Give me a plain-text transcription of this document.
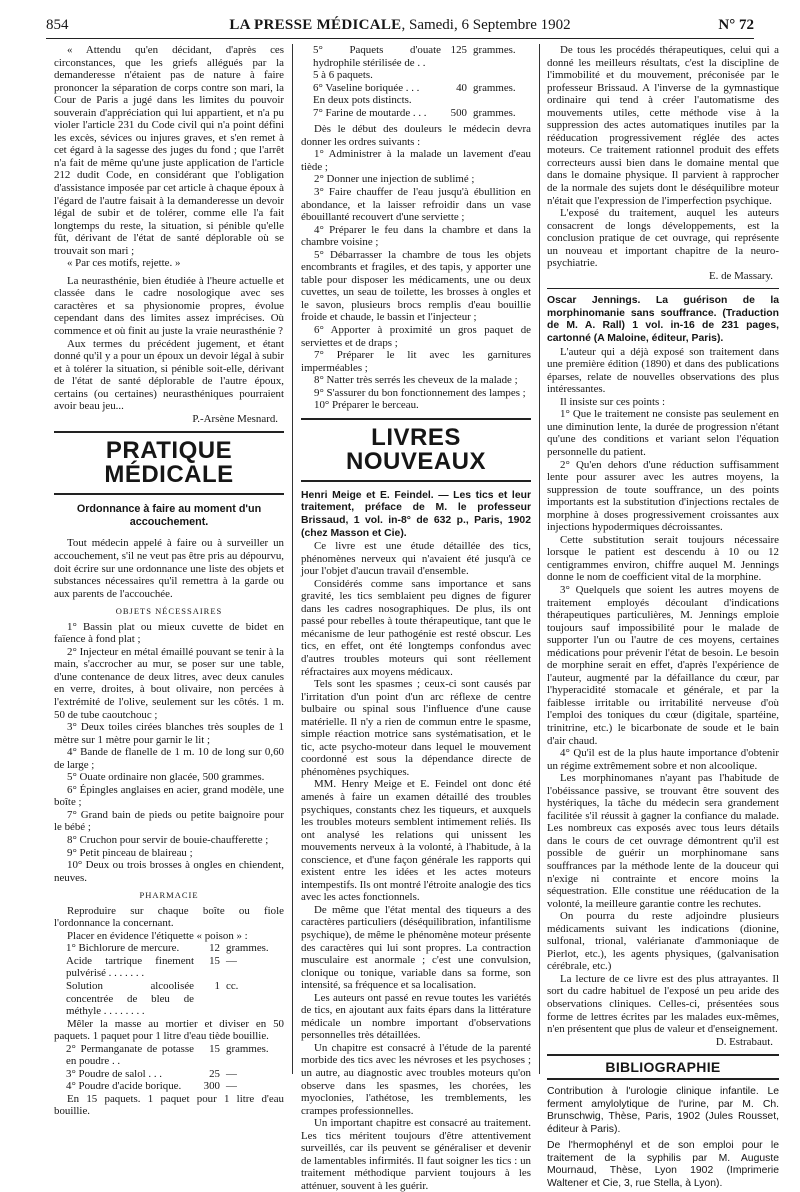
854	LA PRESSE MÉDICALE, Samedi, 6 Septembre 1902	N° 72

« Attendu qu'en décidant, d'après ces circonstances, que les griefs allégués par la demanderesse n'étaient pas de nature à faire prononcer la séparation de corps contre son mari, la Cour de Paris a jugé dans les limites du pouvoir souverain d'appréciation qui lui appartient, et n'a pu violer l'article 231 du Code civil qui n'a point défini les excès, sévices ou injures graves, et s'en remet à cet égard à la sagesse des juges du fond ; que l'arrêt n'a fait de même qu'une juste application de l'article 212 dudit Code, en considérant que l'obligation d'assistance imposée par cet article à chaque époux à l'égard de l'autre faisait à la demanderesse un devoir légal de subir et de tolérer, comme elle l'a fait longtemps du reste, la situation, si pénible qu'elle fût, dérivant de l'état de santé déplorable où se trouvait son mari ;

« Par ces motifs, rejette. »

La neurasthénie, bien étudiée à l'heure actuelle et classée dans le cadre nosologique avec ses caractères et sa physionomie propres, évolue cependant dans des limites assez imprécises. Où commence et où finit au juste la vraie neurasthénie ?

Aux termes du précédent jugement, et étant donné qu'il y a pour un époux un devoir légal à subir et à tolérer la situation, si pénible soit-elle, dérivant de l'état de santé déplorable de l'autre époux, certains (ou certaines) neurasthéniques pourraient avoir beau jeu...

P.-Arsène Mesnard.
PRATIQUE MÉDICALE
Ordonnance à faire au moment d'un accouchement.

Tout médecin appelé à faire ou à surveiller un accouchement, s'il ne veut pas être pris au dépourvu, doit écrire sur une ordonnance une liste des objets et substances nécessaires qu'il remettra à la garde ou aux parents de l'accouchée.

OBJETS NÉCESSAIRES

1° Bassin plat ou mieux cuvette de bidet en faïence à fond plat ;

2° Injecteur en métal émaillé pouvant se tenir à la main, s'accrocher au mur, se poser sur une table, d'une contenance de deux litres, avec deux canules en verre, droites, à bout olivaire, non percées à l'extrémité de l'olive, seulement sur les côtés. 1 m. 50 de tube caoutchouc ;

3° Deux toiles cirées blanches très souples de 1 mètre sur 1 mètre pour garnir le lit ;

4° Bande de flanelle de 1 m. 10 de long sur 0,60 de large ;

5° Ouate ordinaire non glacée, 500 grammes.

6° Épingles anglaises en acier, grand modèle, une boîte ;

7° Grand bain de pieds ou petite baignoire pour le bébé ;

8° Cruchon pour servir de bouie-chaufferette ;

9° Petit pinceau de blaireau ;

10° Deux ou trois brosses à ongles en chiendent, neuves.

PHARMACIE

Reproduire sur chaque boîte ou fiole l'ordonnance la concernant.

Placer en évidence l'étiquette « poison » :

1° Bichlorure de mercure.	12	grammes.
Acide tartrique finement pulvérisé . . . . . . .	15	—
Solution alcoolisée concentrée de bleu de méthyle . . . . . . . .	1	cc.

Mêler la masse au mortier et diviser en 50 paquets. 1 paquet pour 1 litre d'eau tiède bouillie.

2° Permanganate de potasse en poudre . .	15	grammes.
3° Poudre de salol . . .	25	—
4° Poudre d'acide borique.	300	—

En 15 paquets. 1 paquet pour 1 litre d'eau bouillie.

5° Paquets d'ouate hydrophile stérilisée de . .	125	grammes.
5 à 6 paquets.		
6° Vaseline boriquée . . .	40	grammes.
En deux pots distincts.		
7° Farine de moutarde . . .	500	grammes.

Dès le début des douleurs le médecin devra donner les ordres suivants :

1° Administrer à la malade un lavement d'eau tiède ;

2° Donner une injection de sublimé ;

3° Faire chauffer de l'eau jusqu'à ébullition en abondance, et la laisser refroidir dans un vase ébouillanté recouvert d'une serviette ;

4° Préparer le feu dans la chambre et dans la chambre voisine ;

5° Débarrasser la chambre de tous les objets encombrants et fragiles, et des tapis, y apporter une table pour disposer les médicaments, une ou deux cuvettes, un seau de toilette, les brosses à ongles et le savon, plusieurs brocs remplis d'eau bouillie froide et chaude, le bassin et l'injecteur ;

6° Apporter à proximité un gros paquet de serviettes et de draps ;

7° Préparer le lit avec les garnitures imperméables ;

8° Natter très serrés les cheveux de la malade ;

9° S'assurer du bon fonctionnement des lampes ;

10° Préparer le berceau.

LIVRES NOUVEAUX

Henri Meige et E. Feindel. — Les tics et leur traitement, préface de M. le professeur Brissaud, 1 vol. in-8° de 632 p., Paris, 1902 (chez Masson et Cie).

Ce livre est une étude détaillée des tics, phénomènes nerveux qui n'avaient été jusqu'à ce jour l'objet d'aucun travail d'ensemble.

Considérés comme sans importance et sans gravité, les tics semblaient peu dignes de figurer dans les cadres nosographiques. De plus, ils ont passé pour rebelles à toute thérapeutique, tant que le mécanisme de leur pathogénie est resté obscur. Les tics, en effet, ont été longtemps confondus avec d'autres troubles moteurs qui sont réellement réfractaires aux moyens médicaux.

Tels sont les spasmes ; ceux-ci sont causés par l'irritation d'un point d'un arc réflexe de centre bulbaire ou spinal sous l'influence d'une cause matérielle. Il n'y a rien de commun entre le spasme, simple réaction motrice sans systématisation, et le tic, acte psycho-moteur dans lequel le mouvement coordonné est sous la dépendance directe de phénomènes psychiques.

MM. Henry Meige et E. Feindel ont donc été amenés à faire un examen détaillé des troubles psychiques, constants chez les tiqueurs, et auxquels les troubles moteurs semblent intimement reliés. Ils ont analysé les relations qui unissent les mouvements nerveux à la volonté, à l'habitude, à la conscience, et d'une façon générale les rapports qui existent entre les idées et les actes moteurs intempestifs. Ils ont montré l'étroite analogie des tics avec les actes fonctionnels.

De même que l'état mental des tiqueurs a des caractères particuliers (déséquilibration, infantilisme psychique), de même le phénomène moteur présente des caractères qui lui sont propres. La contraction musculaire est anormale ; c'est une convulsion, clonique ou tonique, variable dans sa forme, son intensité, sa fréquence et sa localisation.

Les auteurs ont passé en revue toutes les variétés de tics, en ajoutant aux faits épars dans la littérature médicale un nombre important d'observations personnelles très détaillées.

Un chapitre est consacré à l'étude de la parenté morbide des tics avec les névroses et les psychoses ; un autre, au diagnostic avec troubles moteurs qu'on observe dans les spasmes, les chorées, les myoclonies, l'athétose, les tremblements, les crampes professionnelles.

Un important chapitre est consacré au traitement. Les tics méritent toujours d'être attentivement surveillés, car ils peuvent se généraliser et devenir de lamentables infirmités. Il faut soigner les tics : un traitement méthodique parvient toujours à les atténuer, souvent à les guérir.

De tous les procédés thérapeutiques, celui qui a donné les meilleurs résultats, c'est la discipline de l'immobilité et du mouvement, préconisée par le professeur Brissaud. A l'inverse de la gymnastique ordinaire qui tend à créer l'automatisme des mouvements utiles, cette méthode vise à la suppression des actes automatiques inutiles par la rééducation progressivement réglée des actes moteurs. Ce traitement rationnel produit des effets correcteurs aussi bien dans le domaine mental que dans le domaine physique. Il parvient à rapprocher de la normale des sujets dont le déséquilibre moteur n'était que l'expression de l'imperfection psychique.

L'exposé du traitement, auquel les auteurs consacrent de longs développements, est la conclusion pratique de cet ouvrage, qui représente un nouveau et important chapitre de la neuro-psychiatrie.

E. de Massary.

Oscar Jennings. La guérison de la morphinomanie sans souffrance. (Traduction de M. A. Rall) 1 vol. in-16 de 231 pages, cartonné (A Maloine, éditeur, Paris).

L'auteur qui a déjà exposé son traitement dans une première édition (1890) et dans des publications éparses, relate de nouvelles observations des plus intéressantes.

Il insiste sur ces points :

1° Que le traitement ne consiste pas seulement en une diminution lente, la durée de progression n'étant qu'une des conditions et variant selon l'équation personnelle du patient.

2° Qu'en dehors d'une réduction suffisamment lente pour assurer avec les autres moyens, la suppression de toute souffrance, un des points importants est la substitution d'injections rectales de morphine à doses progressivement croissantes aux injections hypodermiques décroissantes.

Cette substitution serait toujours nécessaire lorsque le patient est descendu à 10 ou 12 centigrammes environ, chiffre auquel M. Jennings donne le nom de coefficient vital de la morphine.

3° Quelquels que soient les autres moyens de traitement employés découlant d'indications thérapeutiques particulières, M. Jennings emploie toujours sauf impossibilité pour le malade de supporter l'un ou l'autre de ces moyens, certaines médications pour prévenir l'état de besoin. Le besoin de morphine serait en effet, d'après l'expérience de l'auteur, augmenté par la défaillance du cœur, par l'hyperacidité stomacale et générale, et par la faiblesse irritable ou irritabilité nerveuse d'où l'emploi des toniques du cœur (digitale, spartéine, trinitrine, etc.) le bicarbonate de soude et le bain d'air chaud.

4° Qu'il est de la plus haute importance d'obtenir un régime extrêmement sobre et non alcoolique.

Les morphinomanes n'ayant pas l'habitude de l'obéissance passive, se trouvant être souvent des hystériques, la tâche du médecin sera grandement facilitée s'il réussit à gagner la confiance du malade. Les nombreux cas exposés avec tous leurs détails dans le cours de cet ouvrage démontrent qu'il est possible de guérir un morphinomane sans souffrances par la méthode lente de la douceur qui n'exige ni contrainte et encore moins la séquestration. Elle constitue une rééducation de la volonté, la meilleure garantie contre les rechutes.

On pourra du reste adjoindre plusieurs médicaments suivant les indications (dionine, sulfonal, trional, valérianate d'ammoniaque de Pierlot, etc.), les agents physiques, (galvanisation cérébrale, etc.)

La lecture de ce livre est des plus attrayantes. Il sort du cadre habituel de l'exposé un peu aride des observations cliniques. Celles-ci, présentées sous forme de lettres écrites par les malades eux-mêmes, n'en présentent que plus de valeur et d'enseignement.

D. Estrabaut.
BIBLIOGRAPHIE

Contribution à l'urologie clinique infantile. Le ferment amylolytique de l'urine, par M. Ch. Brunschwig, Thèse, Paris, 1902 (Jules Rousset, éditeur à Paris).

De l'hermophényl et de son emploi pour le traitement de la syphilis par M. Auguste Mournaud, Thèse, Lyon 1902 (Imprimerie Waltener et Cie, 3, rue Stella, à Lyon).
